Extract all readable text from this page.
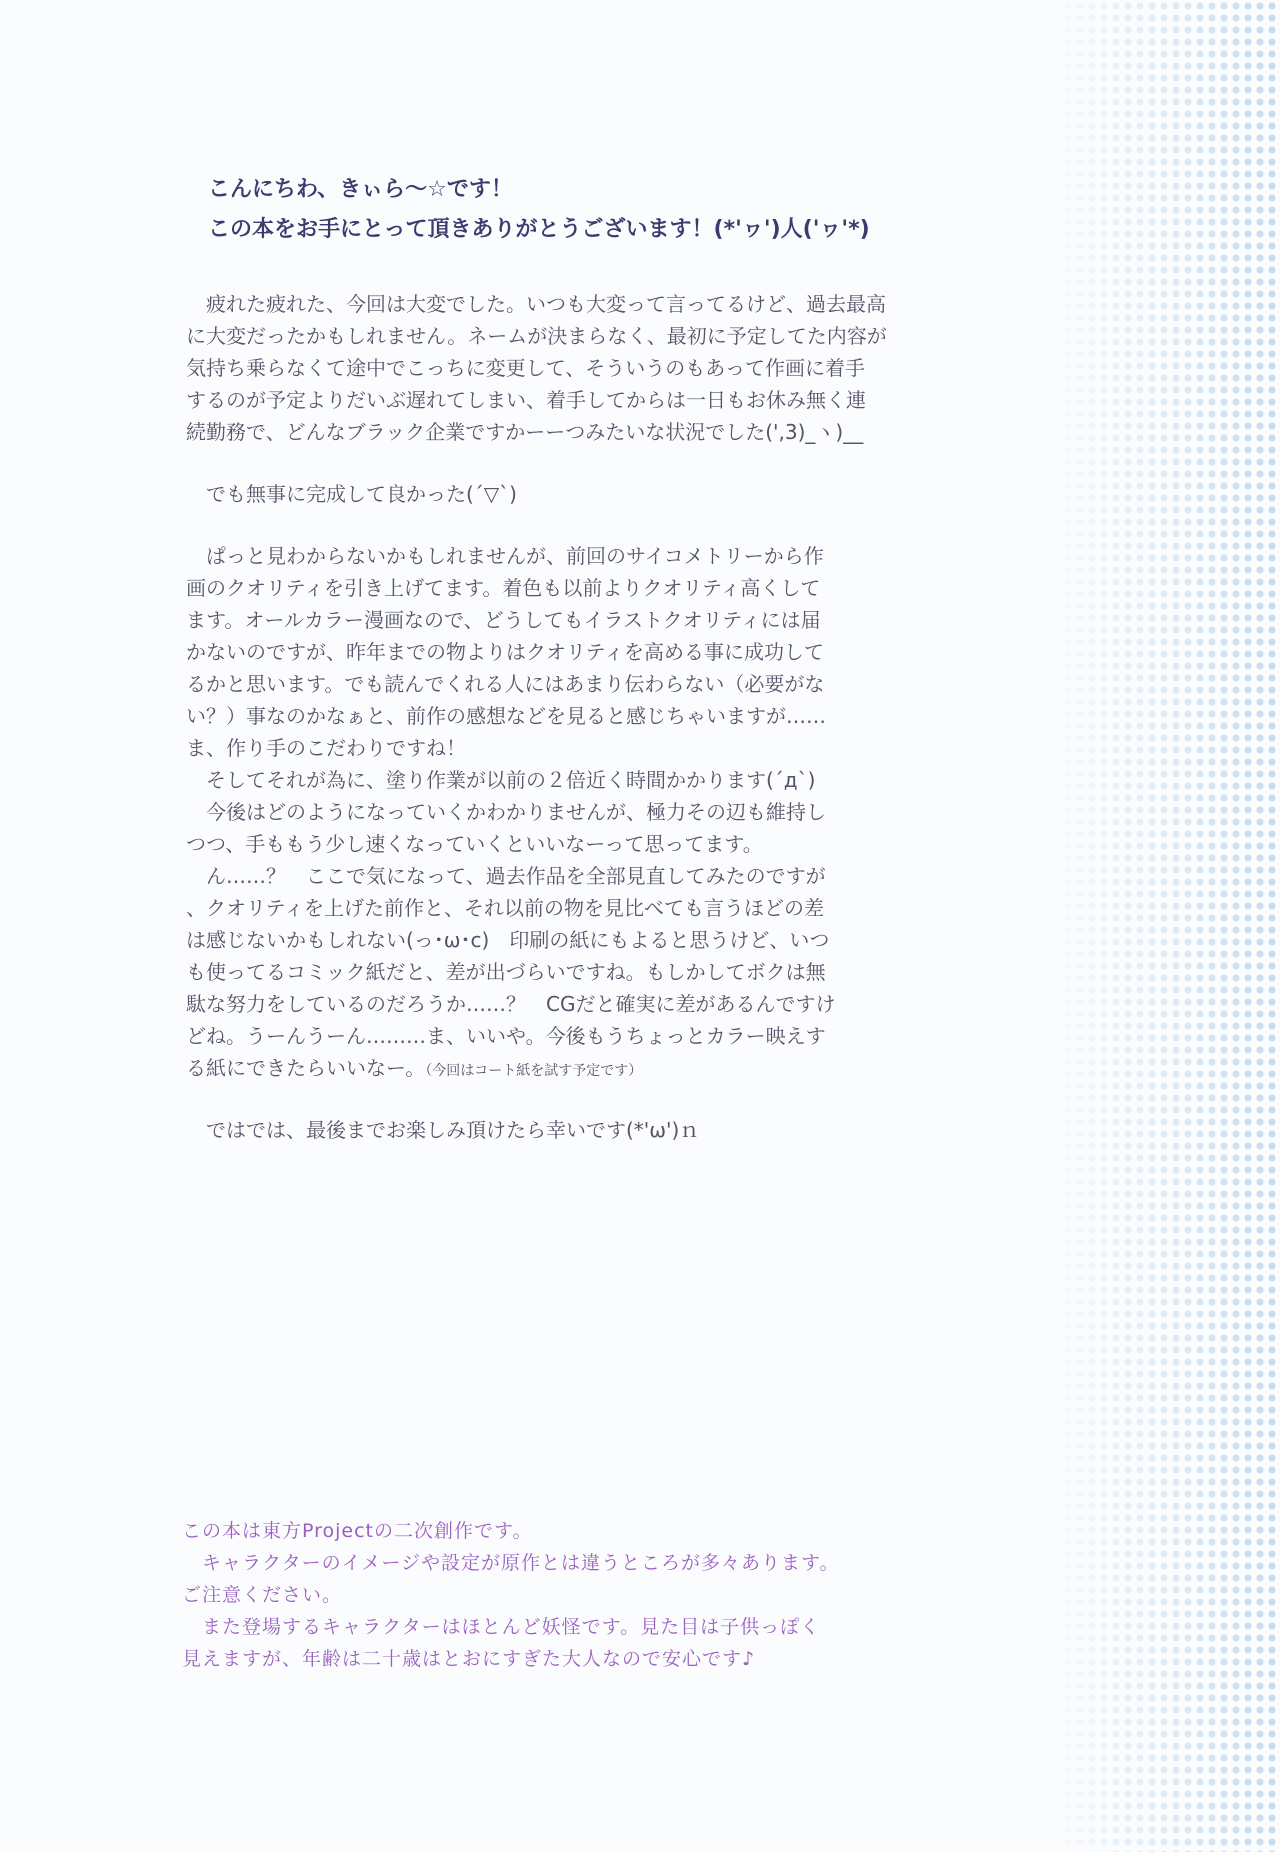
こんにちわ、きぃら～☆です！
この本をお手にとって頂きありがとうございます！(*'ヮ')人('ヮ'*)
　疲れた疲れた、今回は大変でした。いつも大変って言ってるけど、過去最高
に大変だったかもしれません。ネームが決まらなく、最初に予定してた内容が
気持ち乗らなくて途中でこっちに変更して、そういうのもあって作画に着手
するのが予定よりだいぶ遅れてしまい、着手してからは一日もお休み無く連
続勤務で、どんなブラック企業ですかーーつみたいな状況でした(',3)_ヽ)__
　でも無事に完成して良かった(´▽`)
　ぱっと見わからないかもしれませんが、前回のサイコメトリーから作
画のクオリティを引き上げてます。着色も以前よりクオリティ高くして
ます。オールカラー漫画なので、どうしてもイラストクオリティには届
かないのですが、昨年までの物よりはクオリティを高める事に成功して
るかと思います。でも読んでくれる人にはあまり伝わらない（必要がな
い？）事なのかなぁと、前作の感想などを見ると感じちゃいますが……
ま、作り手のこだわりですね！
　そしてそれが為に、塗り作業が以前の２倍近く時間かかります(´д`)
　今後はどのようになっていくかわかりませんが、極力その辺も維持し
つつ、手ももう少し速くなっていくといいなーって思ってます。
　ん……？　ここで気になって、過去作品を全部見直してみたのですが
、クオリティを上げた前作と、それ以前の物を見比べても言うほどの差
は感じないかもしれない(っ･ω･c)　印刷の紙にもよると思うけど、いつ
も使ってるコミック紙だと、差が出づらいですね。もしかしてボクは無
駄な努力をしているのだろうか……？　CGだと確実に差があるんですけ
どね。うーんうーん………ま、いいや。今後もうちょっとカラー映えす
る紙にできたらいいなー。（今回はコート紙を試す予定です）
　ではでは、最後までお楽しみ頂けたら幸いです(*'ω')ｎ
この本は東方Projectの二次創作です。
　キャラクターのイメージや設定が原作とは違うところが多々あります。
ご注意ください。
　また登場するキャラクターはほとんど妖怪です。見た目は子供っぽく
見えますが、年齢は二十歳はとおにすぎた大人なので安心です♪
